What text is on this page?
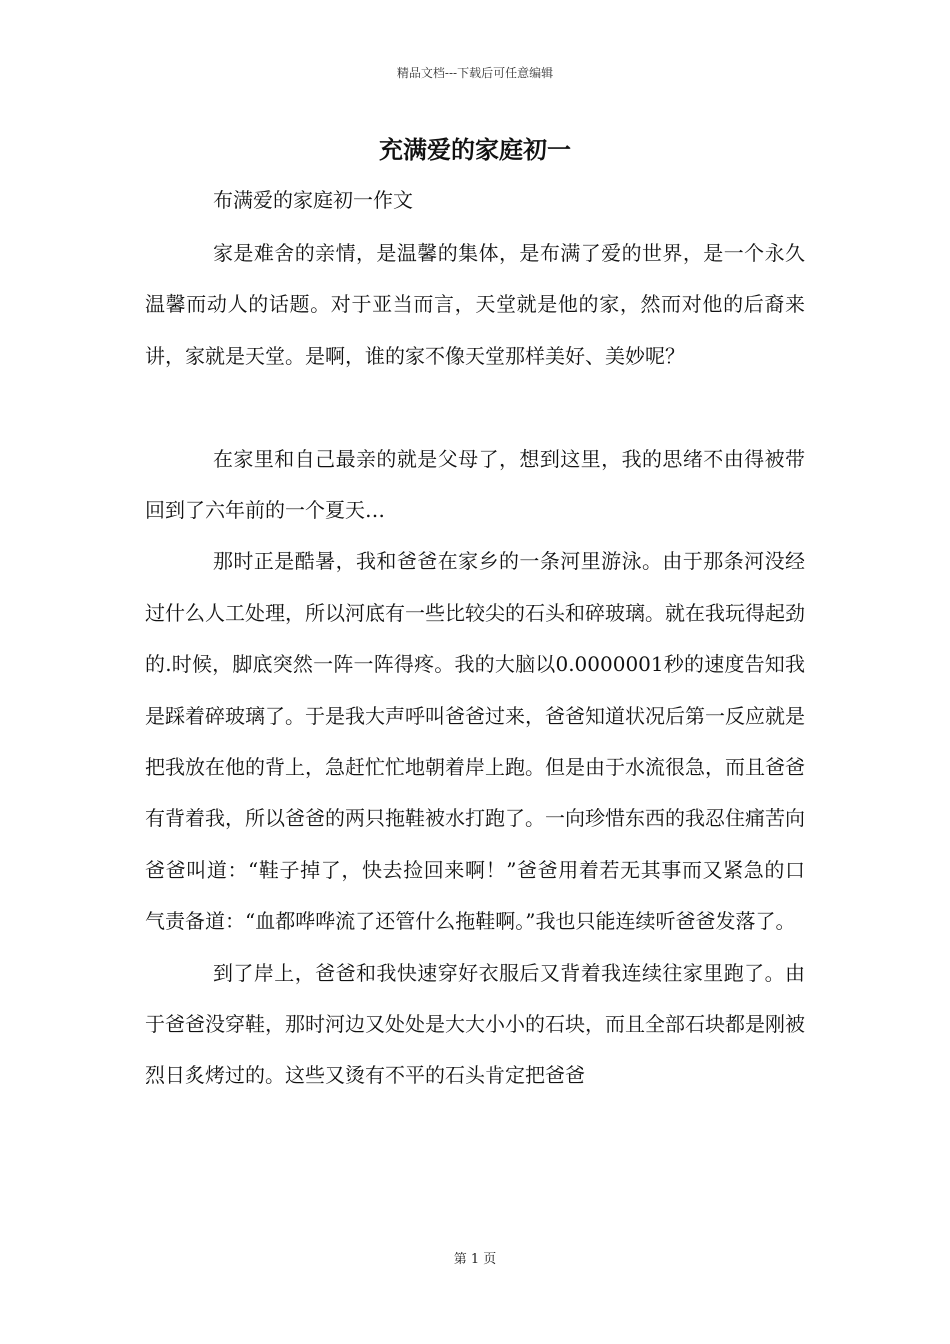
精品文档---下载后可任意编辑
充满爱的家庭初一

布满爱的家庭初一作文

家是难舍的亲情，是温馨的集体，是布满了爱的世界，是一个永久温馨而动人的话题。对于亚当而言，天堂就是他的家，然而对他的后裔来讲，家就是天堂。是啊，谁的家不像天堂那样美好、美妙呢？

在家里和自己最亲的就是父母了，想到这里，我的思绪不由得被带回到了六年前的一个夏天…

那时正是酷暑，我和爸爸在家乡的一条河里游泳。由于那条河没经过什么人工处理，所以河底有一些比较尖的石头和碎玻璃。就在我玩得起劲的.时候，脚底突然一阵一阵得疼。我的大脑以0.0000001秒的速度告知我是踩着碎玻璃了。于是我大声呼叫爸爸过来，爸爸知道状况后第一反应就是把我放在他的背上，急赶忙忙地朝着岸上跑。但是由于水流很急，而且爸爸有背着我，所以爸爸的两只拖鞋被水打跑了。一向珍惜东西的我忍住痛苦向爸爸叫道：“鞋子掉了，快去捡回来啊！”爸爸用着若无其事而又紧急的口气责备道：“血都哗哗流了还管什么拖鞋啊。”我也只能连续听爸爸发落了。

到了岸上，爸爸和我快速穿好衣服后又背着我连续往家里跑了。由于爸爸没穿鞋，那时河边又处处是大大小小的石块，而且全部石块都是刚被烈日炙烤过的。这些又烫有不平的石头肯定把爸爸

第 1 页
